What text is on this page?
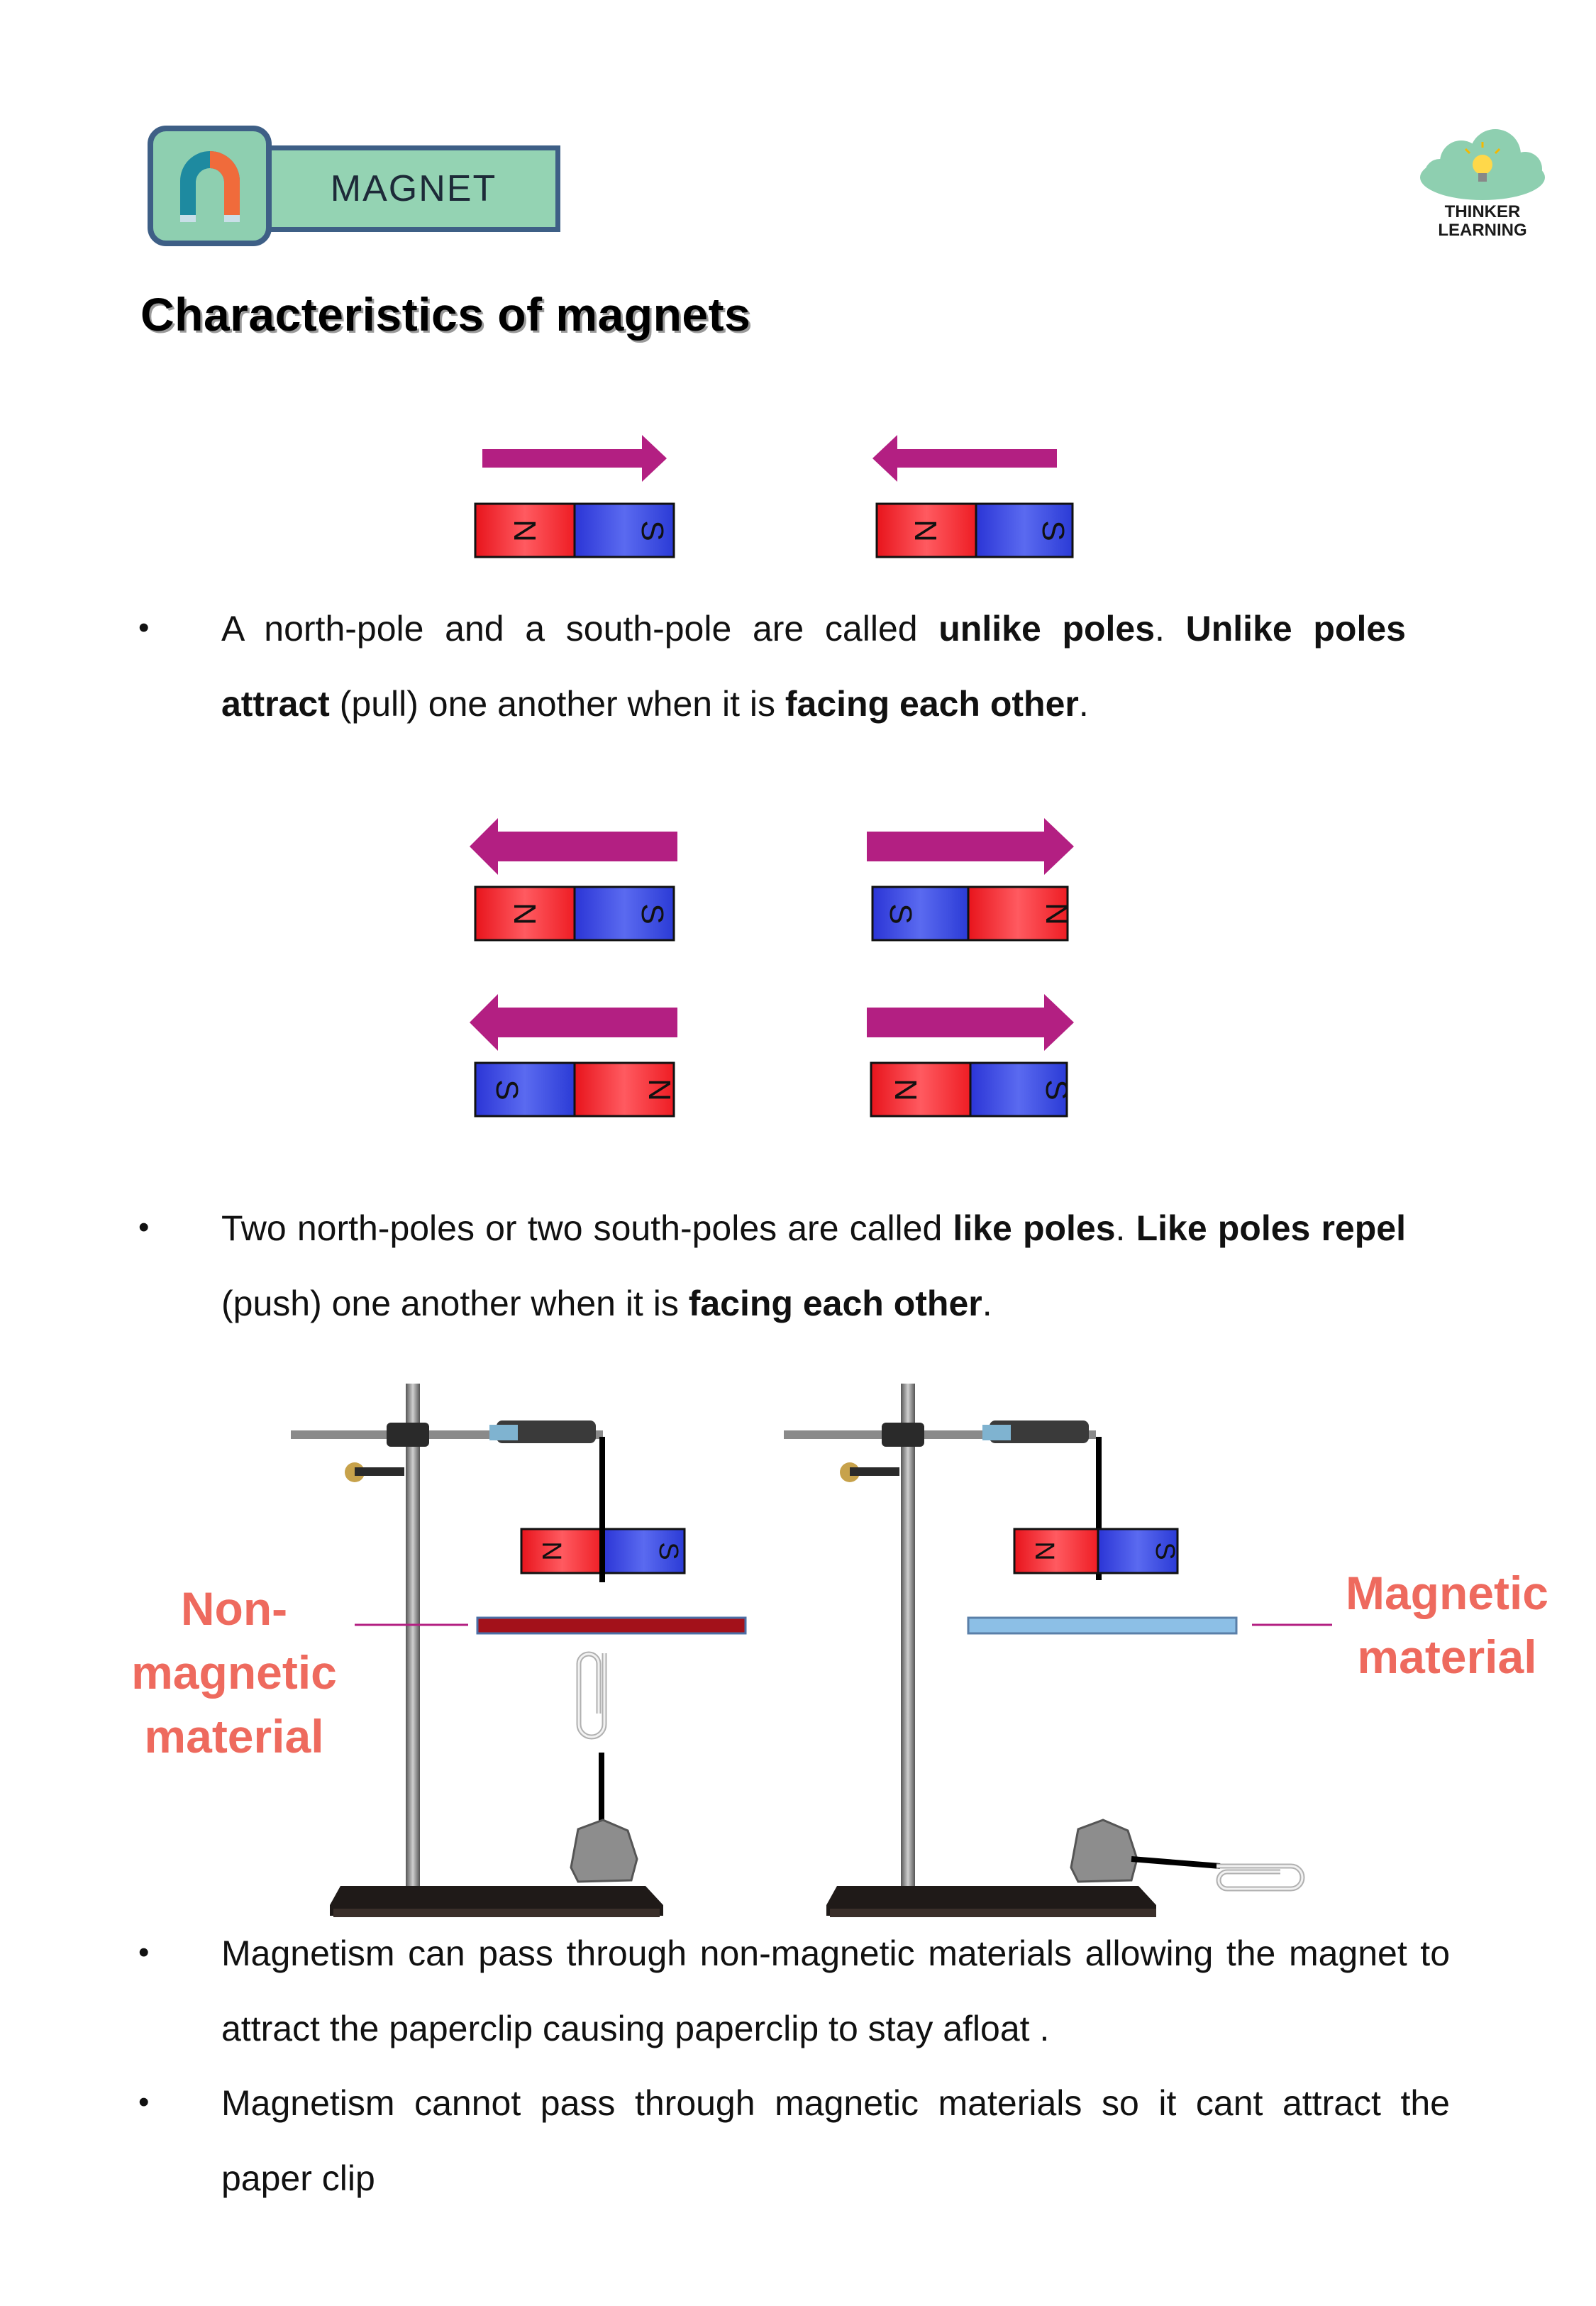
MAGNET
THINKER
LEARNING
Characteristics of magnets
N	S	N	S
N	S	S	N
S	N	N	S
N	S	N	S
• A north-pole and a south-pole are called unlike poles. Unlike poles attract (pull) one another when it is facing each other.
• Two north-poles or two south-poles are called like poles. Like poles repel (push) one another when it is facing each other.
Non-
magnetic
material
Magnetic
material
• Magnetism can pass through non-magnetic materials allowing the magnet to attract the paperclip causing paperclip to stay afloat .
• Magnetism cannot pass through magnetic materials so it cant attract the paper clip
